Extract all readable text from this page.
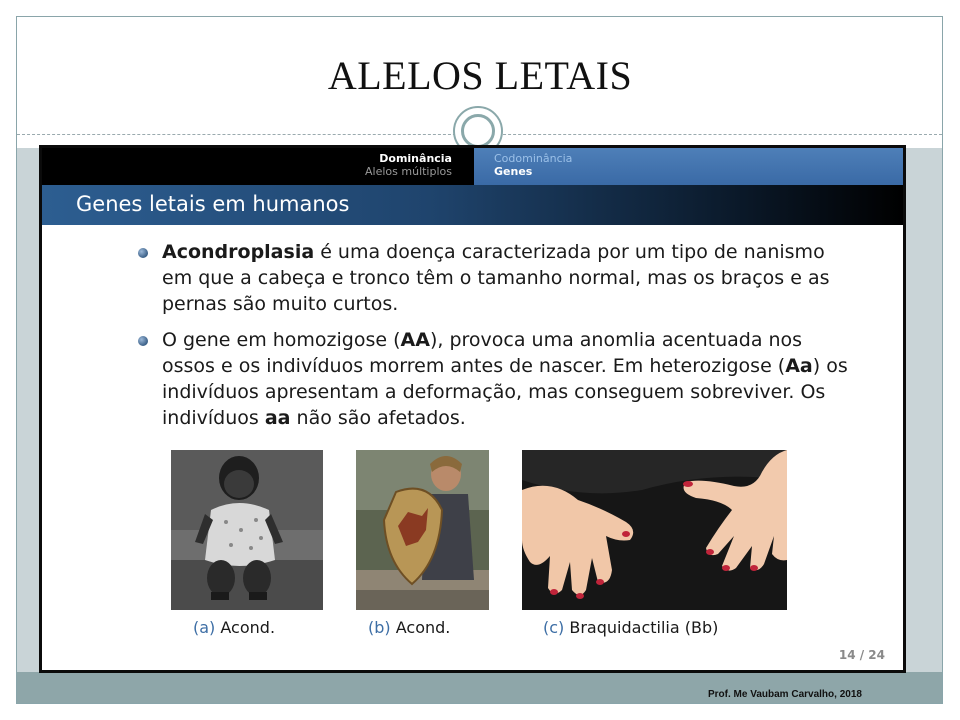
ALELOS LETAIS
Dominância
Alelos múltiplos
Codominância
Genes
Genes letais em humanos
Acondroplasia é uma doença caracterizada por um tipo de nanismo em que a cabeça e tronco têm o tamanho normal, mas os braços e as pernas são muito curtos.
O gene em homozigose (AA), provoca uma anomlia acentuada nos ossos e os indivíduos morrem antes de nascer. Em heterozigose (Aa) os indivíduos apresentam a deformação, mas conseguem sobreviver. Os indivíduos aa não são afetados.
(a) Acond.	(b) Acond.	(c) Braquidactilia (Bb)
14 / 24
Prof. Me Vaubam Carvalho, 2018
